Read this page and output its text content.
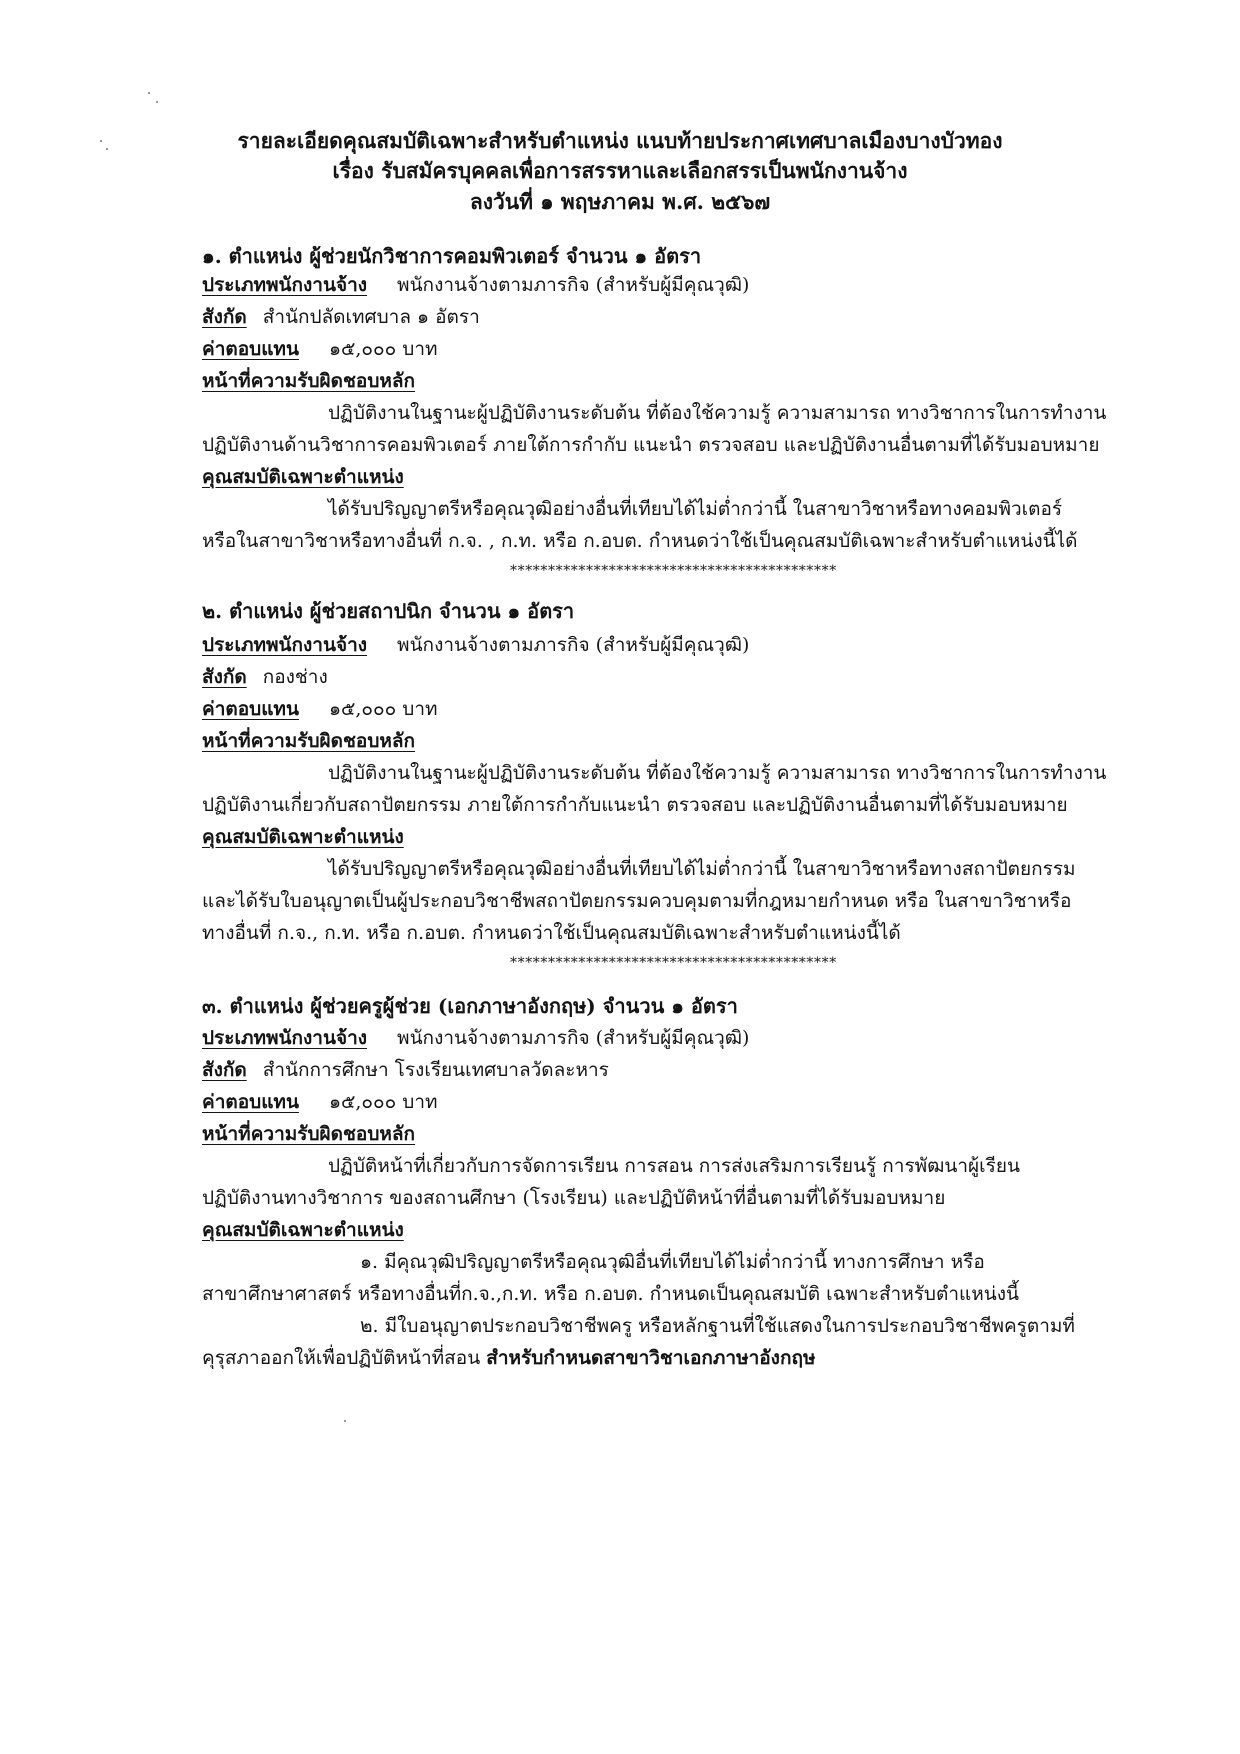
รายละเอียดคุณสมบัติเฉพาะสำหรับตำแหน่ง แนบท้ายประกาศเทศบาลเมืองบางบัวทอง
เรื่อง รับสมัครบุคคลเพื่อการสรรหาและเลือกสรรเป็นพนักงานจ้าง
ลงวันที่ ๑ พฤษภาคม พ.ศ. ๒๕๖๗
๑. ตำแหน่ง ผู้ช่วยนักวิชาการคอมพิวเตอร์ จำนวน ๑ อัตรา
ประเภทพนักงานจ้าง พนักงานจ้างตามภารกิจ (สำหรับผู้มีคุณวุฒิ)
สังกัด สำนักปลัดเทศบาล ๑ อัตรา
ค่าตอบแทน ๑๕,๐๐๐ บาท
หน้าที่ความรับผิดชอบหลัก
ปฏิบัติงานในฐานะผู้ปฏิบัติงานระดับต้น ที่ต้องใช้ความรู้ ความสามารถ ทางวิชาการในการทำงาน
ปฏิบัติงานด้านวิชาการคอมพิวเตอร์ ภายใต้การกำกับ แนะนำ ตรวจสอบ และปฏิบัติงานอื่นตามที่ได้รับมอบหมาย
คุณสมบัติเฉพาะตำแหน่ง
ได้รับปริญญาตรีหรือคุณวุฒิอย่างอื่นที่เทียบได้ไม่ต่ำกว่านี้ ในสาขาวิชาหรือทางคอมพิวเตอร์
หรือในสาขาวิชาหรือทางอื่นที่ ก.จ. , ก.ท. หรือ ก.อบต. กำหนดว่าใช้เป็นคุณสมบัติเฉพาะสำหรับตำแหน่งนี้ได้
*******************************************
๒. ตำแหน่ง ผู้ช่วยสถาปนิก จำนวน ๑ อัตรา
ประเภทพนักงานจ้าง พนักงานจ้างตามภารกิจ (สำหรับผู้มีคุณวุฒิ)
สังกัด กองช่าง
ค่าตอบแทน ๑๕,๐๐๐ บาท
หน้าที่ความรับผิดชอบหลัก
ปฏิบัติงานในฐานะผู้ปฏิบัติงานระดับต้น ที่ต้องใช้ความรู้ ความสามารถ ทางวิชาการในการทำงาน
ปฏิบัติงานเกี่ยวกับสถาปัตยกรรม ภายใต้การกำกับแนะนำ ตรวจสอบ และปฏิบัติงานอื่นตามที่ได้รับมอบหมาย
คุณสมบัติเฉพาะตำแหน่ง
ได้รับปริญญาตรีหรือคุณวุฒิอย่างอื่นที่เทียบได้ไม่ต่ำกว่านี้ ในสาขาวิชาหรือทางสถาปัตยกรรม
และได้รับใบอนุญาตเป็นผู้ประกอบวิชาชีพสถาปัตยกรรมควบคุมตามที่กฎหมายกำหนด หรือ ในสาขาวิชาหรือ
ทางอื่นที่ ก.จ., ก.ท. หรือ ก.อบต. กำหนดว่าใช้เป็นคุณสมบัติเฉพาะสำหรับตำแหน่งนี้ได้
*******************************************
๓. ตำแหน่ง ผู้ช่วยครูผู้ช่วย (เอกภาษาอังกฤษ) จำนวน ๑ อัตรา
ประเภทพนักงานจ้าง พนักงานจ้างตามภารกิจ (สำหรับผู้มีคุณวุฒิ)
สังกัด สำนักการศึกษา โรงเรียนเทศบาลวัดละหาร
ค่าตอบแทน ๑๕,๐๐๐ บาท
หน้าที่ความรับผิดชอบหลัก
ปฏิบัติหน้าที่เกี่ยวกับการจัดการเรียน การสอน การส่งเสริมการเรียนรู้ การพัฒนาผู้เรียน
ปฏิบัติงานทางวิชาการ ของสถานศึกษา (โรงเรียน) และปฏิบัติหน้าที่อื่นตามที่ได้รับมอบหมาย
คุณสมบัติเฉพาะตำแหน่ง
๑. มีคุณวุฒิปริญญาตรีหรือคุณวุฒิอื่นที่เทียบได้ไม่ต่ำกว่านี้ ทางการศึกษา หรือ
สาขาศึกษาศาสตร์ หรือทางอื่นที่ก.จ.,ก.ท. หรือ ก.อบต. กำหนดเป็นคุณสมบัติ เฉพาะสำหรับตำแหน่งนี้
๒. มีใบอนุญาตประกอบวิชาชีพครู หรือหลักฐานที่ใช้แสดงในการประกอบวิชาชีพครูตามที่
คุรุสภาออกให้เพื่อปฏิบัติหน้าที่สอน สำหรับกำหนดสาขาวิชาเอกภาษาอังกฤษ
